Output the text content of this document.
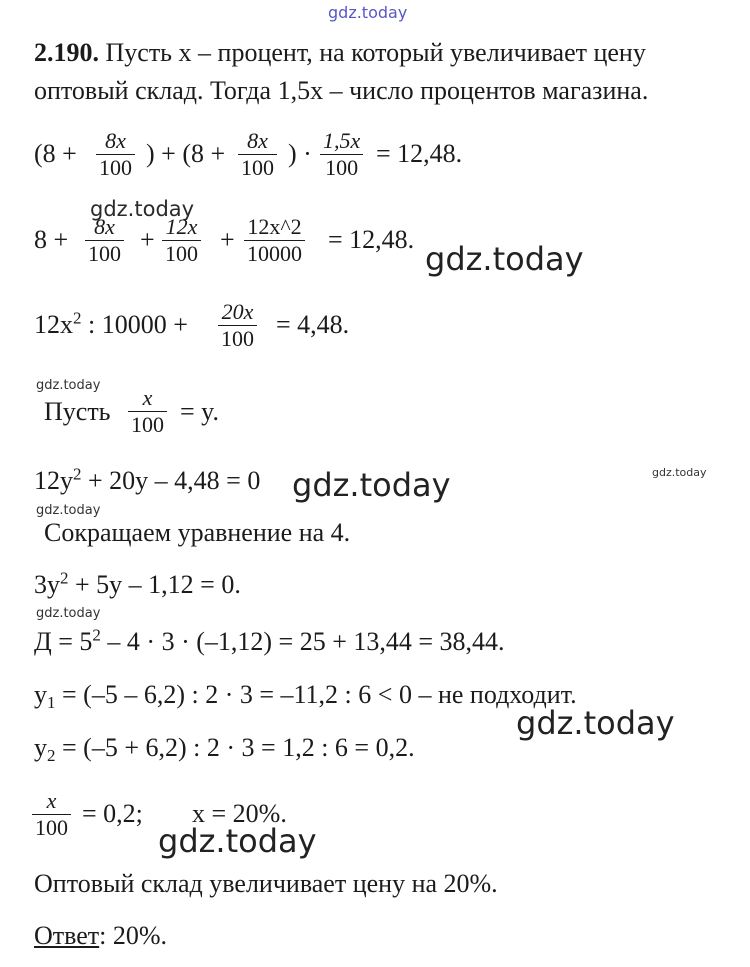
gdz.today
2.190. Пусть x – процент, на который увеличивает цену
оптовый склад. Тогда 1,5x – число процентов магазина.
(8 + 8x
100 ) + (8 + 8x
100 ) · 1,5x
100 = 12,48.
gdz.today
8 + 8x
100 + 12x
100 + 12x^2
10000 = 12,48.
gdz.today
$12x^2$ : 10000 + 20x
100 = 4,48.
gdz.today
Пусть x
100 = y.
$12y^2 + 20y - 4,48 = 0$ gdz.today	gdz.today
gdz.today
Сокращаем уравнение на 4.
$3y^2 + 5y - 1,12 = 0$.
gdz.today
$Д = 5^2 - 4 \cdot 3 \cdot (-1,12) = 25 + 13,44 = 38,44$.
$y_1 = (-5 - 6,2)$ : 2 · 3 = –11,2 : 6 < 0 – не подходит.
gdz.today
$y_2 = (-5 + 6,2)$ : 2 · 3 = 1,2 : 6 = 0,2.
x
100 = 0,2; x = 20%.
gdz.today
Оптовый склад увеличивает цену на 20%.
Ответ: 20%.
